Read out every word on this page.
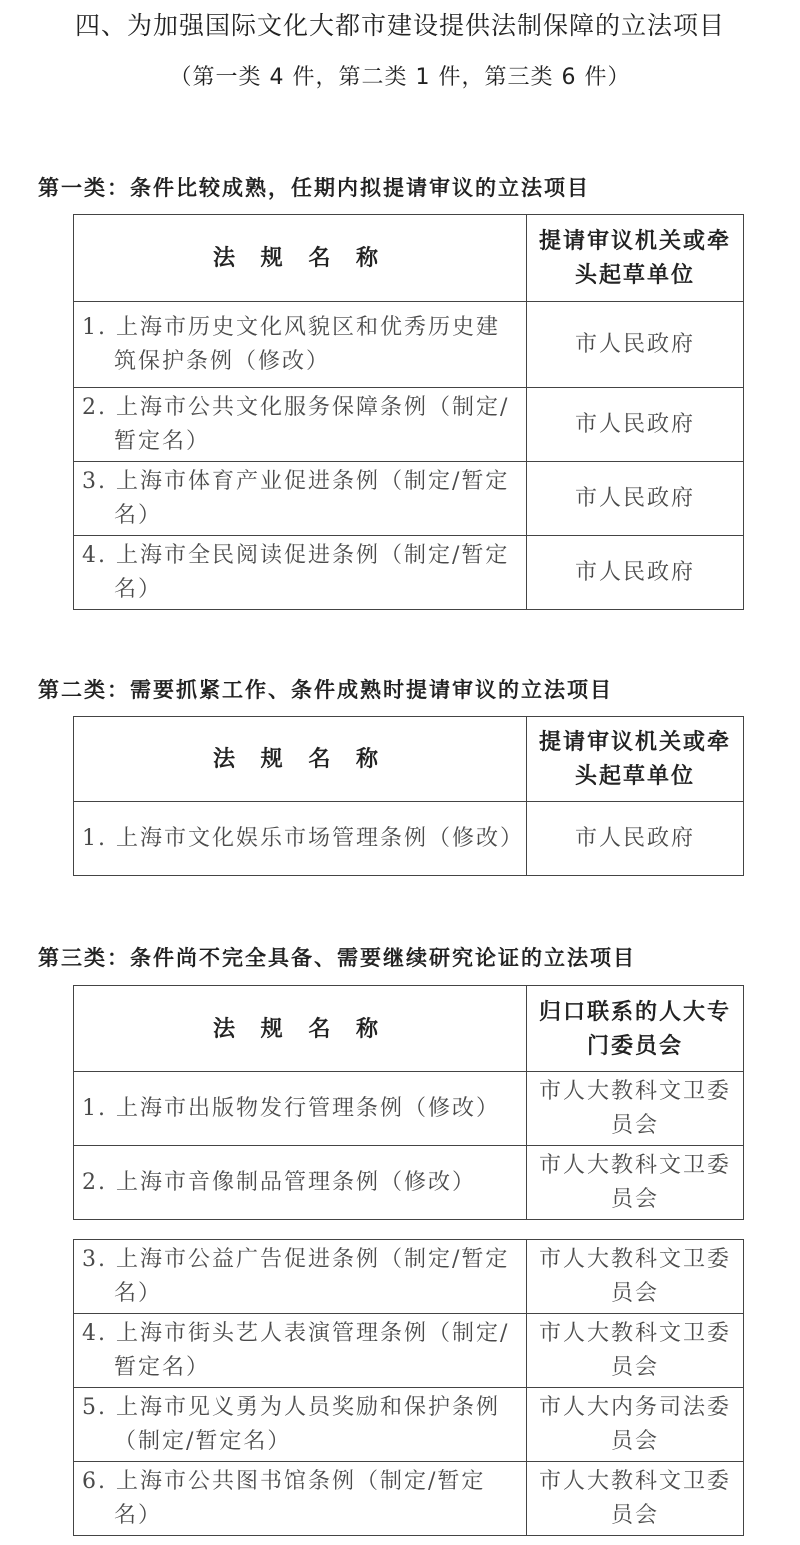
四、为加强国际文化大都市建设提供法制保障的立法项目
（第一类 4 件，第二类 1 件，第三类 6 件）
第一类：条件比较成熟，任期内拟提请审议的立法项目
法 规 名 称	提请审议机关或牵头起草单位

1. 上海市历史文化风貌区和优秀历史建筑保护条例（修改）	市人民政府

2. 上海市公共文化服务保障条例（制定/暂定名）	市人民政府

3. 上海市体育产业促进条例（制定/暂定名）	市人民政府

4. 上海市全民阅读促进条例（制定/暂定名）	市人民政府
第二类：需要抓紧工作、条件成熟时提请审议的立法项目
法 规 名 称	提请审议机关或牵头起草单位

1. 上海市文化娱乐市场管理条例（修改）	市人民政府
第三类：条件尚不完全具备、需要继续研究论证的立法项目
法 规 名 称	归口联系的人大专门委员会

1. 上海市出版物发行管理条例（修改）	市人大教科文卫委员会

2. 上海市音像制品管理条例（修改）	市人大教科文卫委员会
3. 上海市公益广告促进条例（制定/暂定名）	市人大教科文卫委员会

4. 上海市街头艺人表演管理条例（制定/暂定名）	市人大教科文卫委员会

5. 上海市见义勇为人员奖励和保护条例（制定/暂定名）	市人大内务司法委员会

6. 上海市公共图书馆条例（制定/暂定名）	市人大教科文卫委员会
